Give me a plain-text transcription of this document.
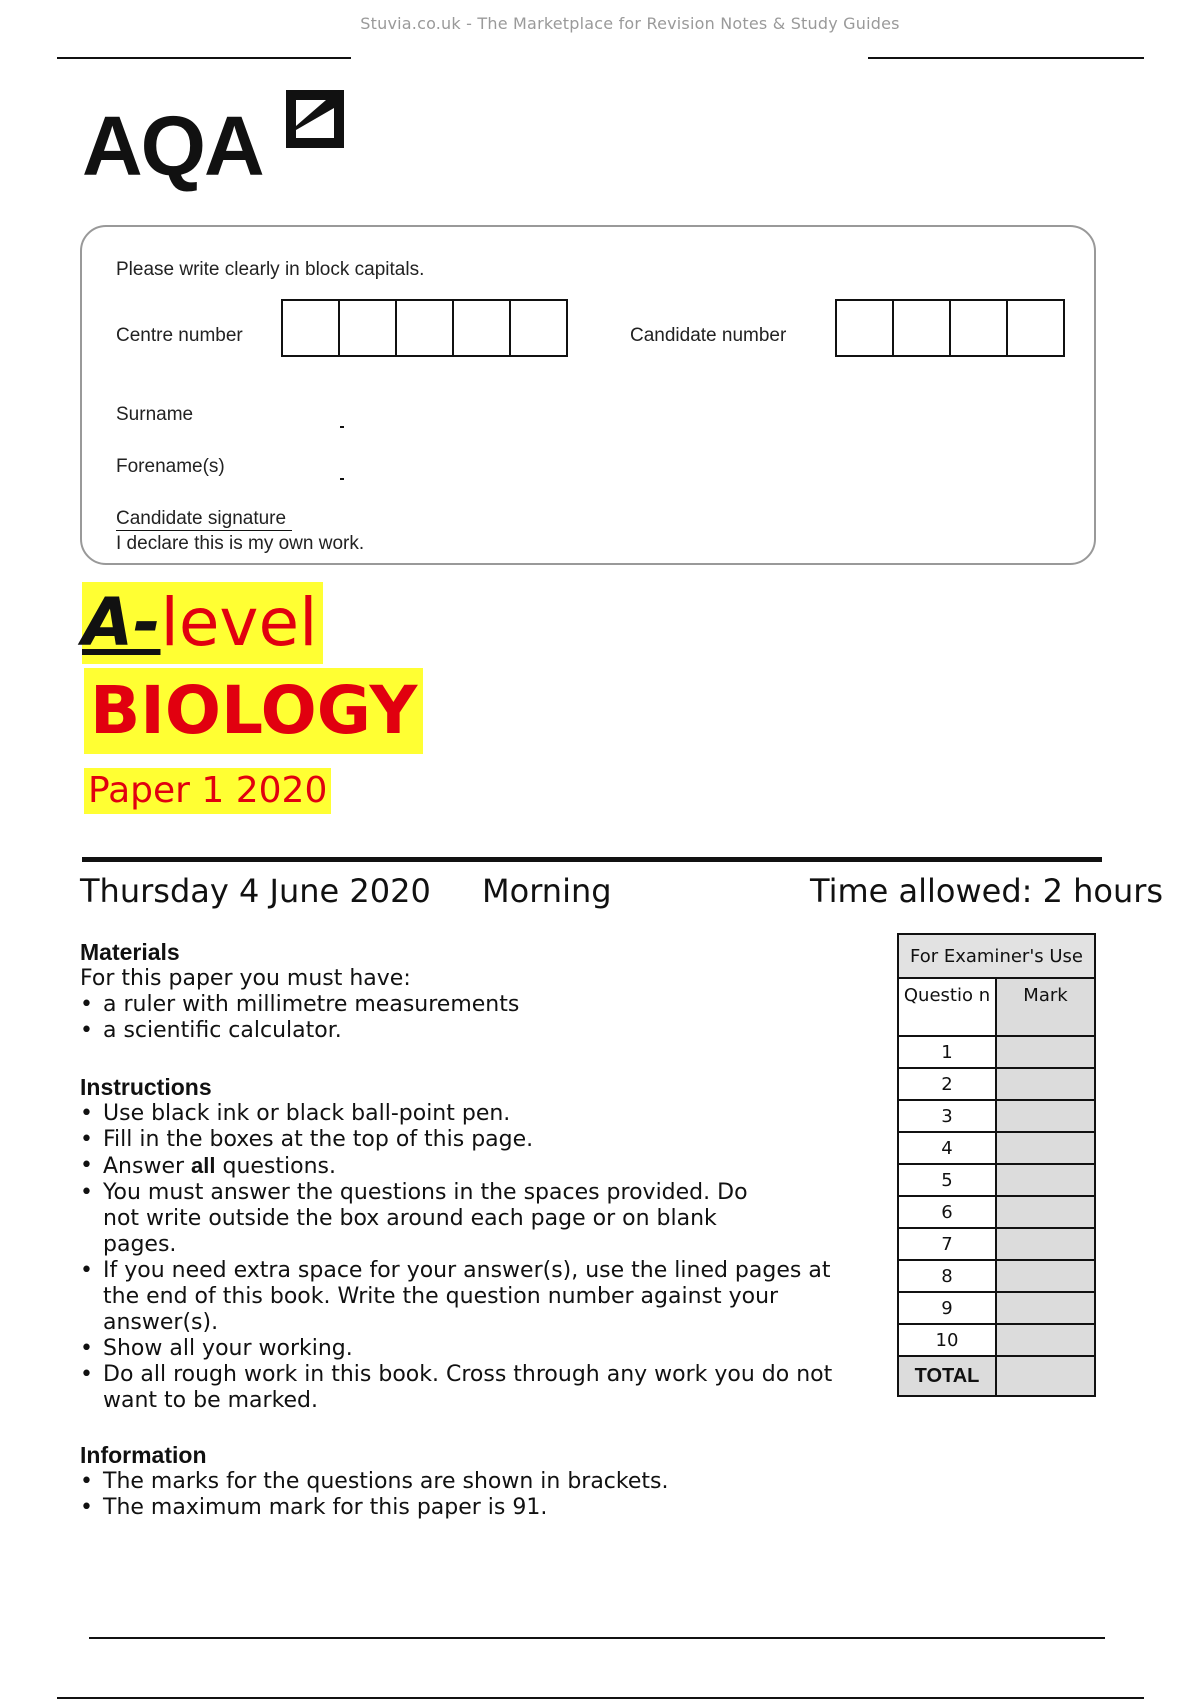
Stuvia.co.uk - The Marketplace for Revision Notes & Study Guides
AQA
Please write clearly in block capitals.
Centre number	Candidate number
Surname
Forename(s)
Candidate signature
I declare this is my own work.
A-level
BIOLOGY
Paper 1 2020
Thursday 4 June 2020 Morning	Time allowed: 2 hours
Materials

For this paper you must have:

• a ruler with millimetre measurements
• a scientific calculator.
Instructions
• Use black ink or black ball-point pen.
• Fill in the boxes at the top of this page.
• Answer all questions.
• You must answer the questions in the spaces provided. Do not write outside the box around each page or on blank pages.
• If you need extra space for your answer(s), use the lined pages at the end of this book. Write the question number against your answer(s).
• Show all your working.
• Do all rough work in this book. Cross through any work you do not want to be marked.
Information
• The marks for the questions are shown in brackets.
• The maximum mark for this paper is 91.
For Examiner's Use	
Questio n	Mark
1	
2	
3	
4	
5	
6	
7	
8	
9	
10	
TOTAL	
